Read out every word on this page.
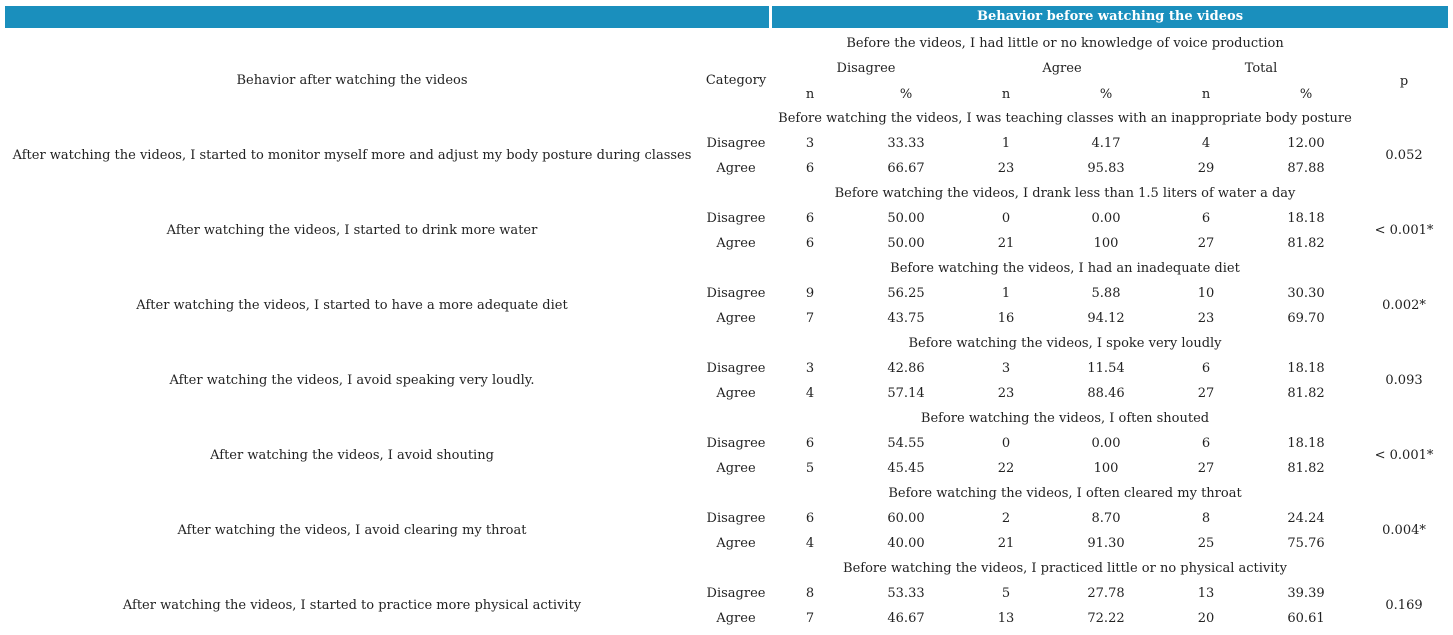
Behavior before watching the videos
Before the videos, I had little or no knowledge of voice production
Behavior after watching the videos	Category
Disagree	Agree	Total
p
n	%	n	%	n	%
Before watching the videos, I was teaching classes with an inappropriate body posture
After watching the videos, I started to monitor myself more and adjust my body posture during classes	0.052
Disagree	3	33.33	1	4.17	4	12.00
Agree	6	66.67	23	95.83	29	87.88
Before watching the videos, I drank less than 1.5 liters of water a day
After watching the videos, I started to drink more water	< 0.001*
Disagree	6	50.00	0	0.00	6	18.18
Agree	6	50.00	21	100	27	81.82
Before watching the videos, I had an inadequate diet
After watching the videos, I started to have a more adequate diet	0.002*
Disagree	9	56.25	1	5.88	10	30.30
Agree	7	43.75	16	94.12	23	69.70
Before watching the videos, I spoke very loudly
After watching the videos, I avoid speaking very loudly.	0.093
Disagree	3	42.86	3	11.54	6	18.18
Agree	4	57.14	23	88.46	27	81.82
Before watching the videos, I often shouted
After watching the videos, I avoid shouting	< 0.001*
Disagree	6	54.55	0	0.00	6	18.18
Agree	5	45.45	22	100	27	81.82
Before watching the videos, I often cleared my throat
After watching the videos, I avoid clearing my throat	0.004*
Disagree	6	60.00	2	8.70	8	24.24
Agree	4	40.00	21	91.30	25	75.76
Before watching the videos, I practiced little or no physical activity
After watching the videos, I started to practice more physical activity	0.169
Disagree	8	53.33	5	27.78	13	39.39
Agree	7	46.67	13	72.22	20	60.61
